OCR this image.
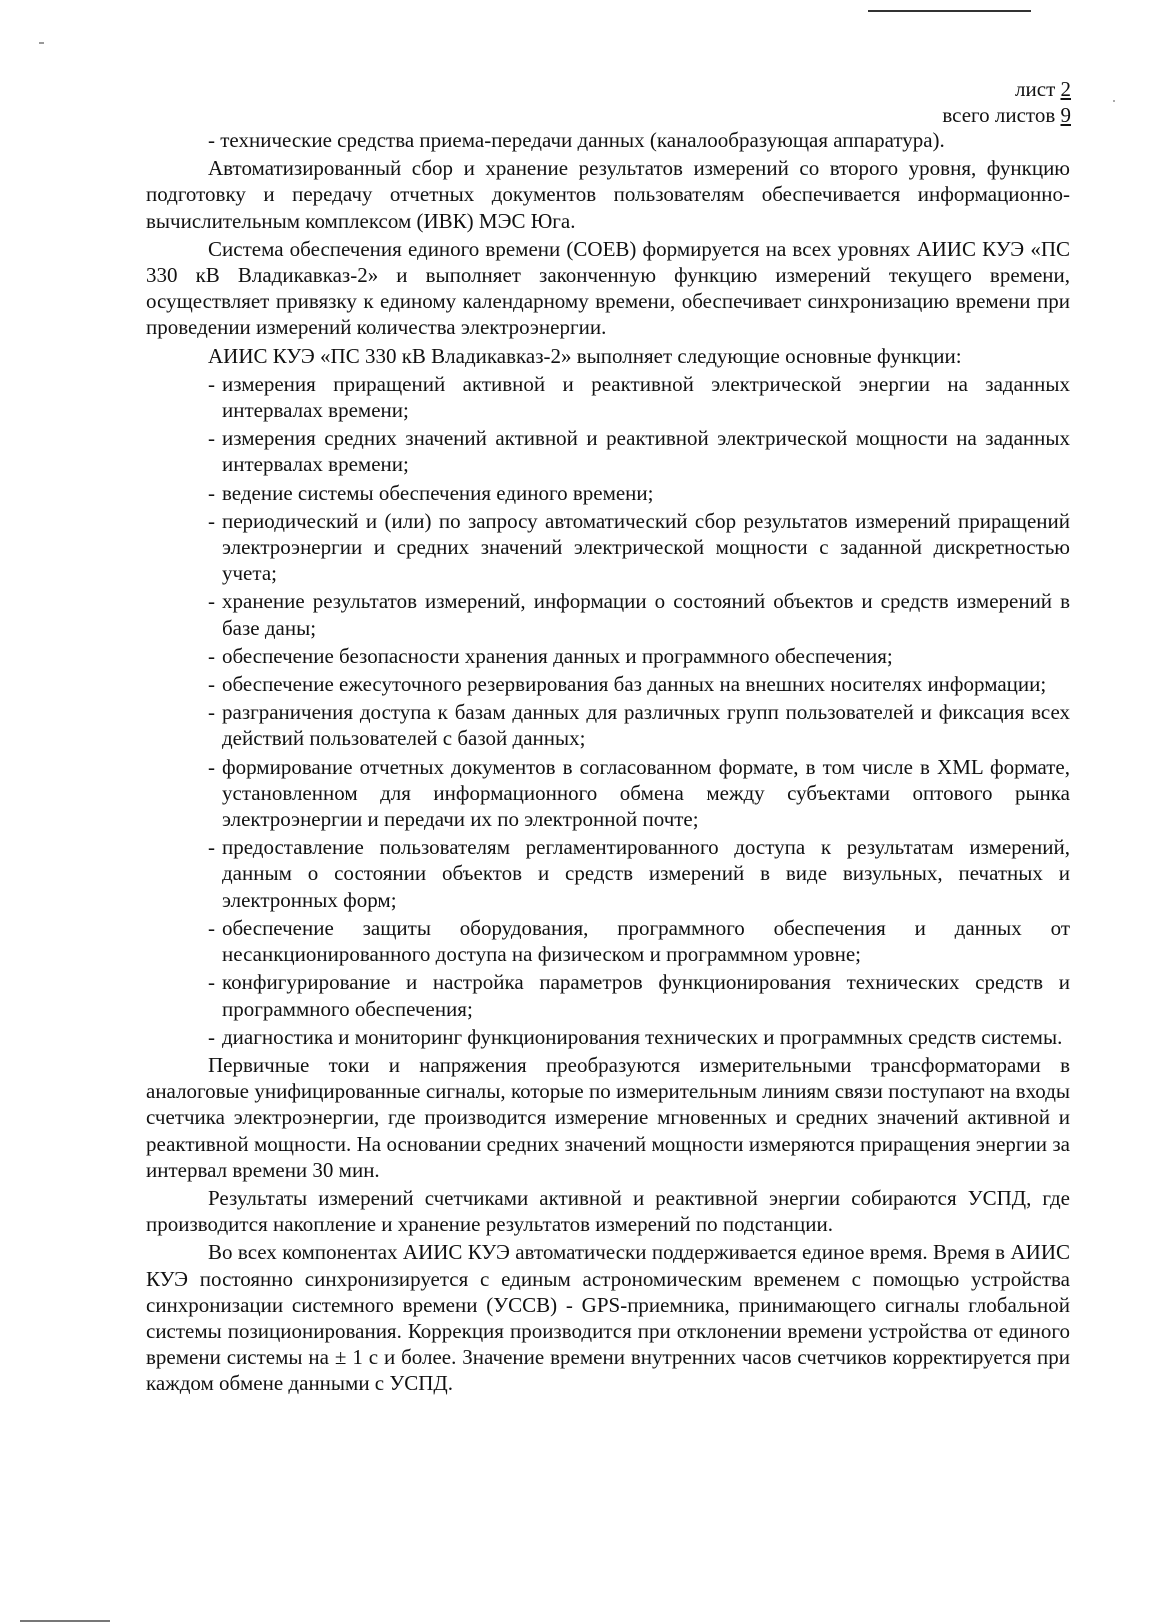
лист 2
всего листов 9
- технические средства приема-передачи данных (каналообразующая аппаратура).
Автоматизированный сбор и хранение результатов измерений со второго уровня, функцию подготовку и передачу отчетных документов пользователям обеспечивается информационно-вычислительным комплексом (ИВК) МЭС Юга.
Система обеспечения единого времени (СОЕВ) формируется на всех уровнях АИИС КУЭ «ПС 330 кВ Владикавказ-2» и выполняет законченную функцию измерений текущего времени, осуществляет привязку к единому календарному времени, обеспечивает синхронизацию времени при проведении измерений количества электроэнергии.
АИИС КУЭ «ПС 330 кВ Владикавказ-2» выполняет следующие основные функции:
- измерения приращений активной и реактивной электрической энергии на заданных интервалах времени;
- измерения средних значений активной и реактивной электрической мощности на заданных интервалах времени;
- ведение системы обеспечения единого времени;
- периодический и (или) по запросу автоматический сбор результатов измерений приращений электроэнергии и средних значений электрической мощности с заданной дискретностью учета;
- хранение результатов измерений, информации о состояний объектов и средств измерений в базе даны;
- обеспечение безопасности хранения данных и программного обеспечения;
- обеспечение ежесуточного резервирования баз данных на внешних носителях информации;
- разграничения доступа к базам данных для различных групп пользователей и фиксация всех действий пользователей с базой данных;
- формирование отчетных документов в согласованном формате, в том числе в XML формате, установленном для информационного обмена между субъектами оптового рынка электроэнергии и передачи их по электронной почте;
- предоставление пользователям регламентированного доступа к результатам измерений, данным о состоянии объектов и средств измерений в виде визульных, печатных и электронных форм;
- обеспечение защиты оборудования, программного обеспечения и данных от несанкционированного доступа на физическом и программном уровне;
- конфигурирование и настройка параметров функционирования технических средств и программного обеспечения;
- диагностика и мониторинг функционирования технических и программных средств системы.
Первичные токи и напряжения преобразуются измерительными трансформаторами в аналоговые унифицированные сигналы, которые по измерительным линиям связи поступают на входы счетчика электроэнергии, где производится измерение мгновенных и средних значений активной и реактивной мощности. На основании средних значений мощности измеряются приращения энергии за интервал времени 30 мин.
Результаты измерений счетчиками активной и реактивной энергии собираются УСПД, где производится накопление и хранение результатов измерений по подстанции.
Во всех компонентах АИИС КУЭ автоматически поддерживается единое время. Время в АИИС КУЭ постоянно синхронизируется с единым астрономическим временем с помощью устройства синхронизации системного времени (УССВ) - GPS-приемника, принимающего сигналы глобальной системы позиционирования. Коррекция производится при отклонении времени устройства от единого времени системы на ± 1 с и более. Значение времени внутренних часов счетчиков корректируется при каждом обмене данными с УСПД.
